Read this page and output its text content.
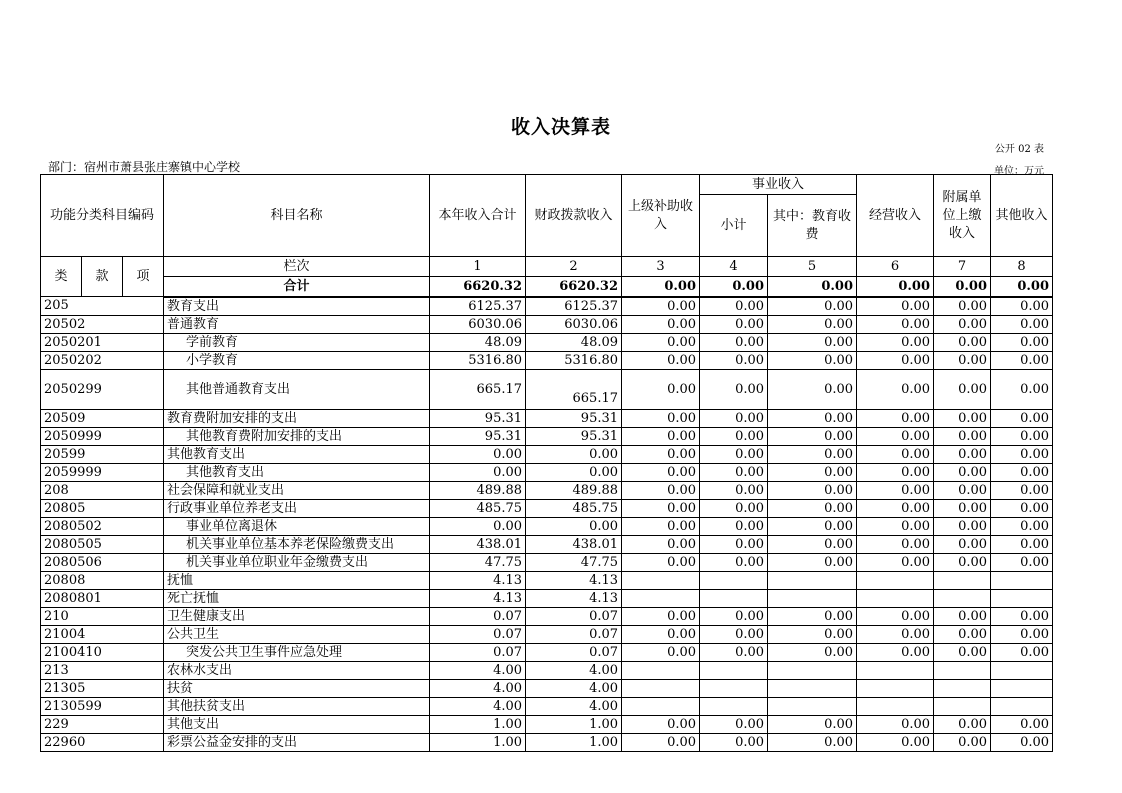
收入决算表
公开 02 表
部门：宿州市萧县张庄寨镇中心学校	单位：万元
功能分类科目编码			科目名称	本年收入合计	财政拨款收入	上级补助收入	事业收入		经营收入	附属单位上缴收入	其他收入
							小计	其中：教育收费			
类	款	项	栏次	1	2	3	4	5	6	7	8
			合计	6620.32	6620.32	0.00	0.00	0.00	0.00	0.00	0.00
205			教育支出	6125.37	6125.37	0.00	0.00	0.00	0.00	0.00	0.00
20502			普通教育	6030.06	6030.06	0.00	0.00	0.00	0.00	0.00	0.00
2050201			学前教育	48.09	48.09	0.00	0.00	0.00	0.00	0.00	0.00
2050202			小学教育	5316.80	5316.80	0.00	0.00	0.00	0.00	0.00	0.00
2050299			其他普通教育支出	665.17	665.17	0.00	0.00	0.00	0.00	0.00	0.00
20509			教育费附加安排的支出	95.31	95.31	0.00	0.00	0.00	0.00	0.00	0.00
2050999			其他教育费附加安排的支出	95.31	95.31	0.00	0.00	0.00	0.00	0.00	0.00
20599			其他教育支出	0.00	0.00	0.00	0.00	0.00	0.00	0.00	0.00
2059999			其他教育支出	0.00	0.00	0.00	0.00	0.00	0.00	0.00	0.00
208			社会保障和就业支出	489.88	489.88	0.00	0.00	0.00	0.00	0.00	0.00
20805			行政事业单位养老支出	485.75	485.75	0.00	0.00	0.00	0.00	0.00	0.00
2080502			事业单位离退休	0.00	0.00	0.00	0.00	0.00	0.00	0.00	0.00
2080505			机关事业单位基本养老保险缴费支出	438.01	438.01	0.00	0.00	0.00	0.00	0.00	0.00
2080506			机关事业单位职业年金缴费支出	47.75	47.75	0.00	0.00	0.00	0.00	0.00	0.00
20808			抚恤	4.13	4.13						
2080801			死亡抚恤	4.13	4.13						
210			卫生健康支出	0.07	0.07	0.00	0.00	0.00	0.00	0.00	0.00
21004			公共卫生	0.07	0.07	0.00	0.00	0.00	0.00	0.00	0.00
2100410			突发公共卫生事件应急处理	0.07	0.07	0.00	0.00	0.00	0.00	0.00	0.00
213			农林水支出	4.00	4.00						
21305			扶贫	4.00	4.00						
2130599			其他扶贫支出	4.00	4.00						
229			其他支出	1.00	1.00	0.00	0.00	0.00	0.00	0.00	0.00
22960			彩票公益金安排的支出	1.00	1.00	0.00	0.00	0.00	0.00	0.00	0.00
